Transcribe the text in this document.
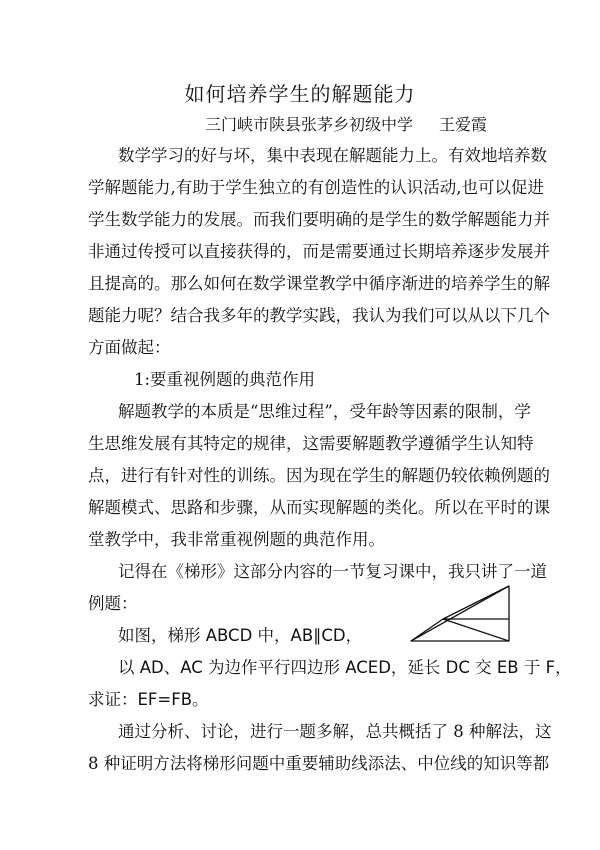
如何培养学生的解题能力
三门峡市陕县张茅乡初级中学 王爱霞
数学学习的好与坏，集中表现在解题能力上。有效地培养数
学解题能力,有助于学生独立的有创造性的认识活动,也可以促进
学生数学能力的发展。而我们要明确的是学生的数学解题能力并
非通过传授可以直接获得的，而是需要通过长期培养逐步发展并
且提高的。那么如何在数学课堂教学中循序渐进的培养学生的解
题能力呢？结合我多年的教学实践，我认为我们可以从以下几个
方面做起：
1:要重视例题的典范作用
解题教学的本质是“思维过程”，受年龄等因素的限制，学
生思维发展有其特定的规律，这需要解题教学遵循学生认知特
点，进行有针对性的训练。因为现在学生的解题仍较依赖例题的
解题模式、思路和步骤，从而实现解题的类化。所以在平时的课
堂教学中，我非常重视例题的典范作用。
记得在《梯形》这部分内容的一节复习课中，我只讲了一道
例题：
如图，梯形 ABCD 中，AB∥CD，
以 AD、AC 为边作平行四边形 ACED，延长 DC 交 EB 于 F，
求证：EF=FB。
通过分析、讨论，进行一题多解，总共概括了 8 种解法，这
8 种证明方法将梯形问题中重要辅助线添法、中位线的知识等都
